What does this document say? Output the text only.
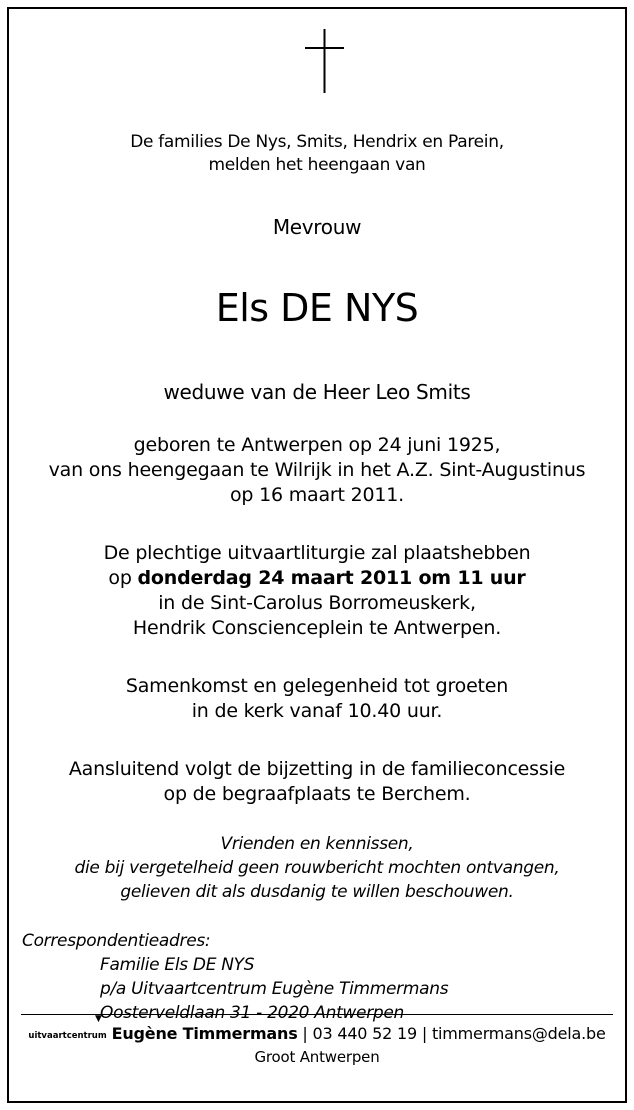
De families De Nys, Smits, Hendrix en Parein,
melden het heengaan van
Mevrouw
Els DE NYS
weduwe van de Heer Leo Smits
geboren te Antwerpen op 24 juni 1925,
van ons heengegaan te Wilrijk in het A.Z. Sint-Augustinus
op 16 maart 2011.
De plechtige uitvaartliturgie zal plaatshebben
op donderdag 24 maart 2011 om 11 uur
in de Sint-Carolus Borromeuskerk,
Hendrik Conscienceplein te Antwerpen.
Samenkomst en gelegenheid tot groeten
in de kerk vanaf 10.40 uur.
Aansluitend volgt de bijzetting in de familieconcessie
op de begraafplaats te Berchem.
Vrienden en kennissen,
die bij vergetelheid geen rouwbericht mochten ontvangen,
gelieven dit als dusdanig te willen beschouwen.
Correspondentieadres:
Familie Els DE NYS
p/a Uitvaartcentrum Eugène Timmermans
Oosterveldlaan 31 - 2020 Antwerpen
▼
uitvaartcentrum Eugène Timmermans | 03 440 52 19 | timmermans@dela.be
Groot Antwerpen
